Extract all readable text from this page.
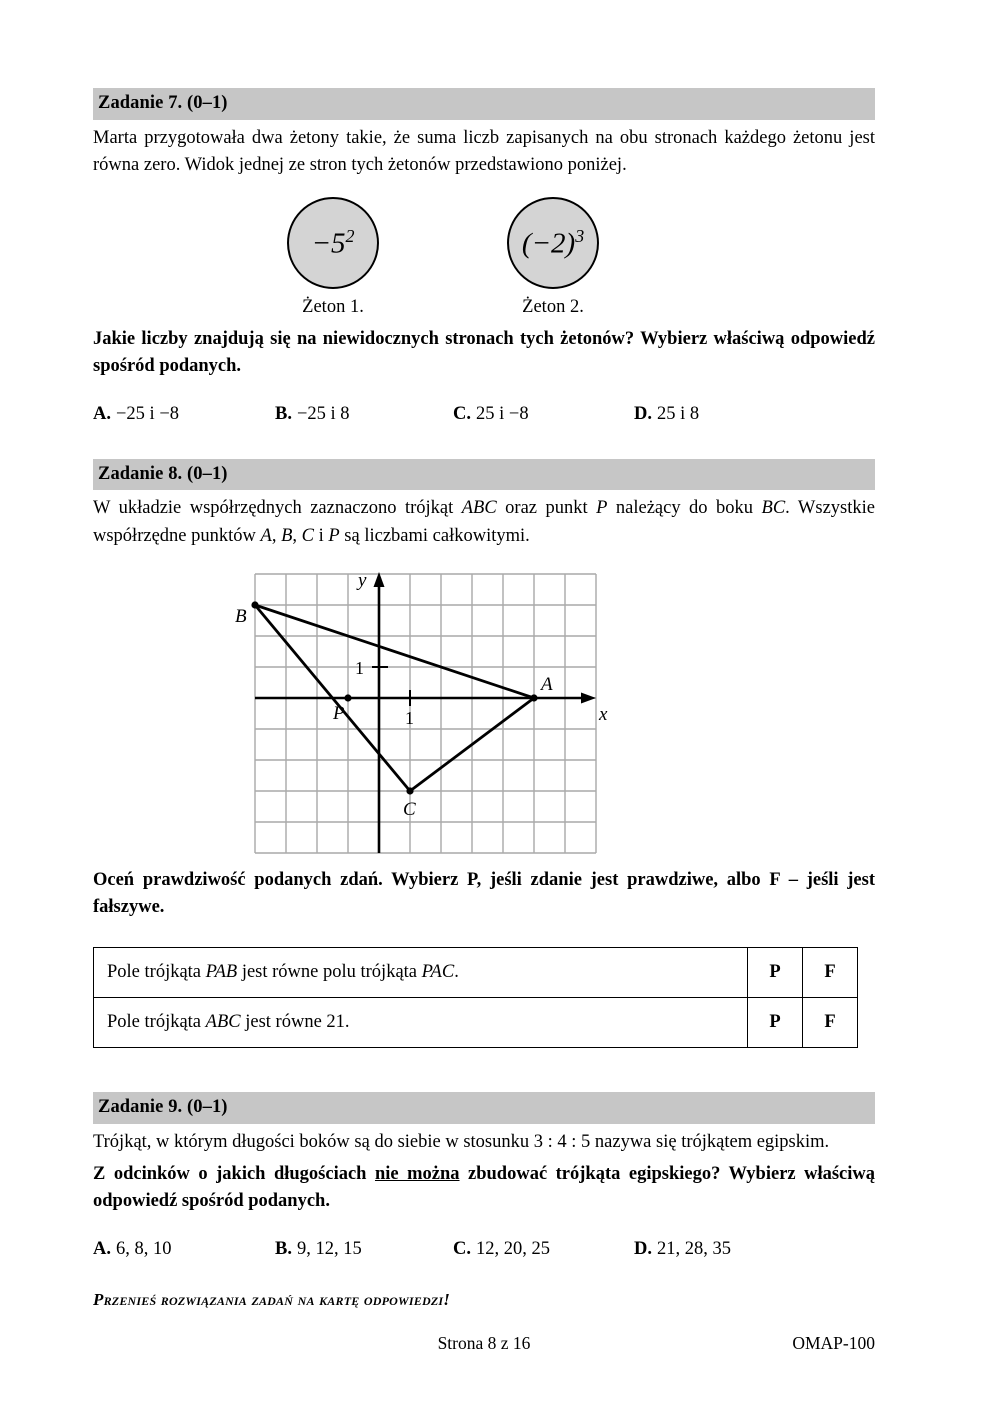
Zadanie 7. (0–1)
Marta przygotowała dwa żetony takie, że suma liczb zapisanych na obu stronach każdego żetonu jest równa zero. Widok jednej ze stron tych żetonów przedstawiono poniżej.
$-5^2$
Żeton 1.
$(-2)^3$
Żeton 2.
Jakie liczby znajdują się na niewidocznych stronach tych żetonów? Wybierz właściwą odpowiedź spośród podanych.
A. −25 i −8	B. −25 i 8	C. 25 i −8	D. 25 i 8
Zadanie 8. (0–1)
W układzie współrzędnych zaznaczono trójkąt ABC oraz punkt P należący do boku BC. Wszystkie współrzędne punktów A, B, C i P są liczbami całkowitymi.
A
B
C
P	x
y
1
1
Oceń prawdziwość podanych zdań. Wybierz P, jeśli zdanie jest prawdziwe, albo F – jeśli jest fałszywe.
Pole trójkąta PAB jest równe polu trójkąta PAC.	P	F
Pole trójkąta ABC jest równe 21.	P	F
Zadanie 9. (0–1)
Trójkąt, w którym długości boków są do siebie w stosunku 3 : 4 : 5 nazywa się trójkątem egipskim.
Z odcinków o jakich długościach nie można zbudować trójkąta egipskiego? Wybierz właściwą odpowiedź spośród podanych.
A. 6, 8, 10	B. 9, 12, 15	C. 12, 20, 25	D. 21, 28, 35
Przenieś rozwiązania zadań na kartę odpowiedzi!
Strona 8 z 16	OMAP-100
